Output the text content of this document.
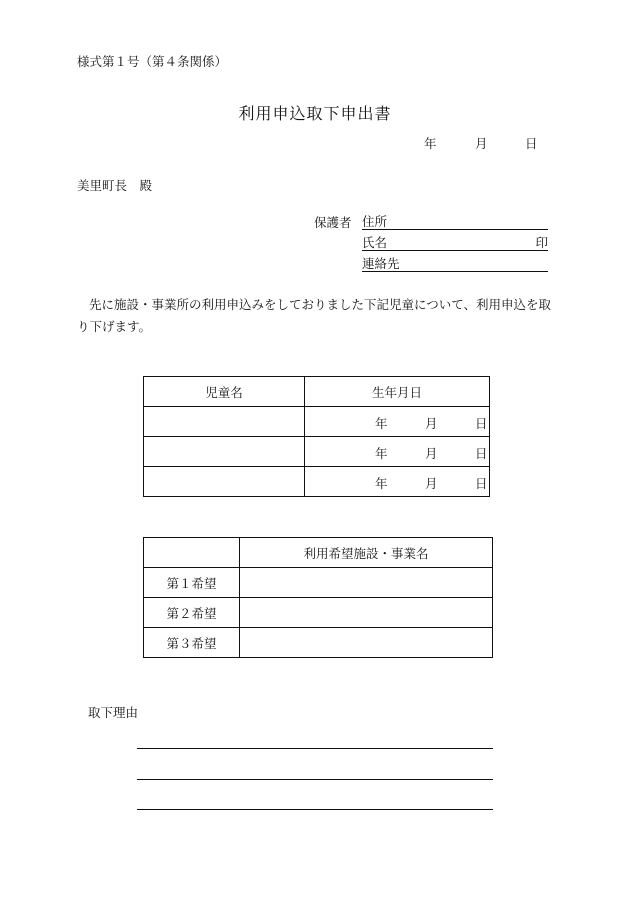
様式第１号（第４条関係）
利用申込取下申出書
年	月	日
美里町長　殿
保護者 住所
氏名	印
連絡先
先に施設・事業所の利用申込みをしておりました下記児童について、利用申込を取り下げます。
児童名	生年月日

	年 月 日

	年 月 日

	年 月 日
	利用希望施設・事業名
第１希望	
第２希望	
第３希望	
取下理由
